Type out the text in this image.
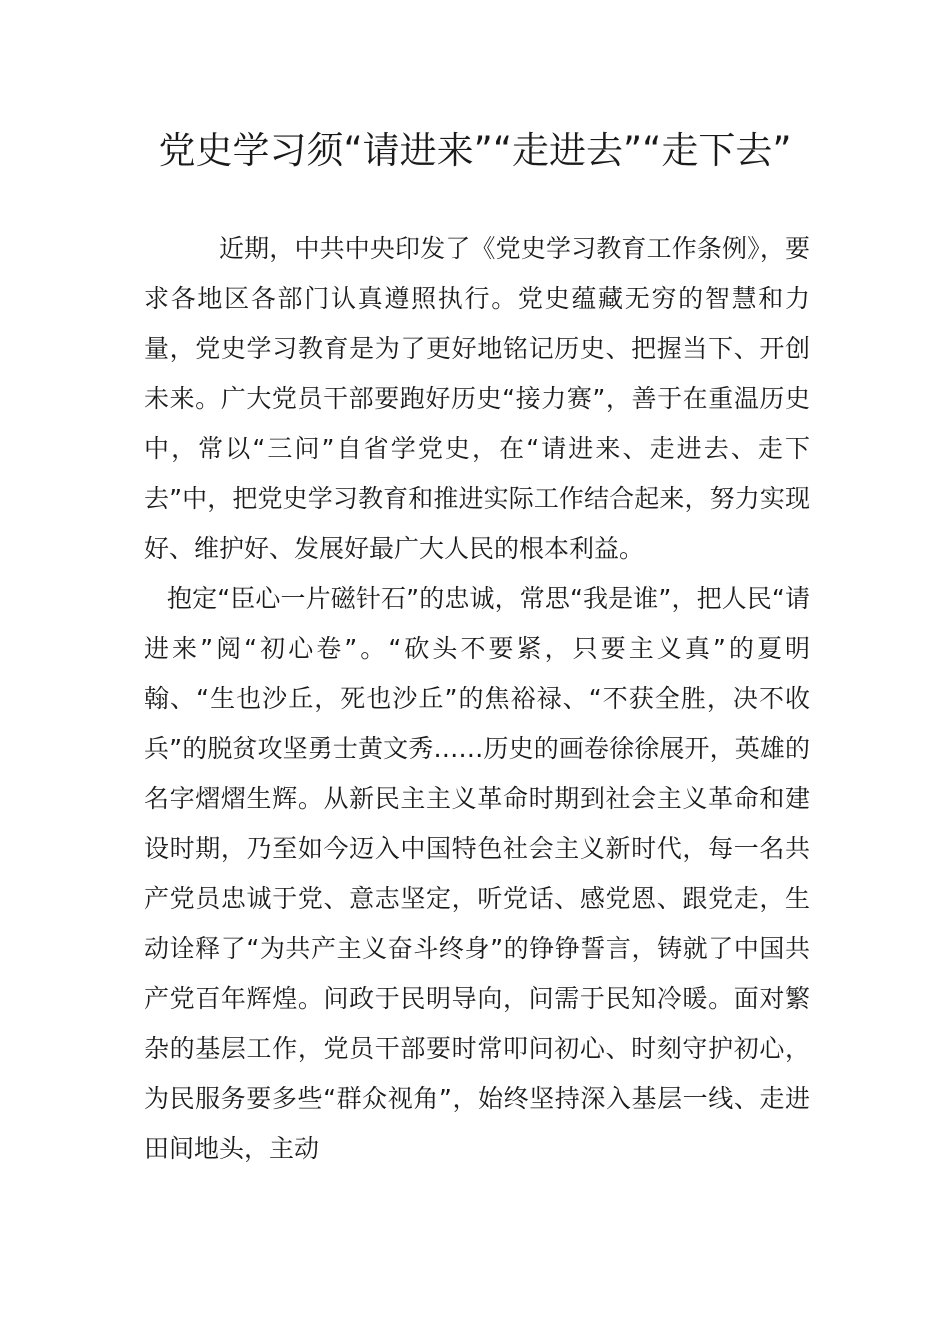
党史学习须“请进来”“走进去”“走下去”

近期，中共中央印发了《党史学习教育工作条例》，要求各地区各部门认真遵照执行。党史蕴藏无穷的智慧和力量，党史学习教育是为了更好地铭记历史、把握当下、开创未来。广大党员干部要跑好历史“接力赛”，善于在重温历史中，常以“三问”自省学党史，在“请进来、走进去、走下去”中，把党史学习教育和推进实际工作结合起来，努力实现好、维护好、发展好最广大人民的根本利益。

抱定“臣心一片磁针石”的忠诚，常思“我是谁”，把人民“请进来”阅“初心卷”。“砍头不要紧，只要主义真”的夏明翰、“生也沙丘，死也沙丘”的焦裕禄、“不获全胜，决不收兵”的脱贫攻坚勇士黄文秀……历史的画卷徐徐展开，英雄的名字熠熠生辉。从新民主主义革命时期到社会主义革命和建设时期，乃至如今迈入中国特色社会主义新时代，每一名共产党员忠诚于党、意志坚定，听党话、感党恩、跟党走，生动诠释了“为共产主义奋斗终身”的铮铮誓言，铸就了中国共产党百年辉煌。问政于民明导向，问需于民知冷暖。面对繁杂的基层工作，党员干部要时常叩问初心、时刻守护初心，为民服务要多些“群众视角”，始终坚持深入基层一线、走进田间地头，主动
